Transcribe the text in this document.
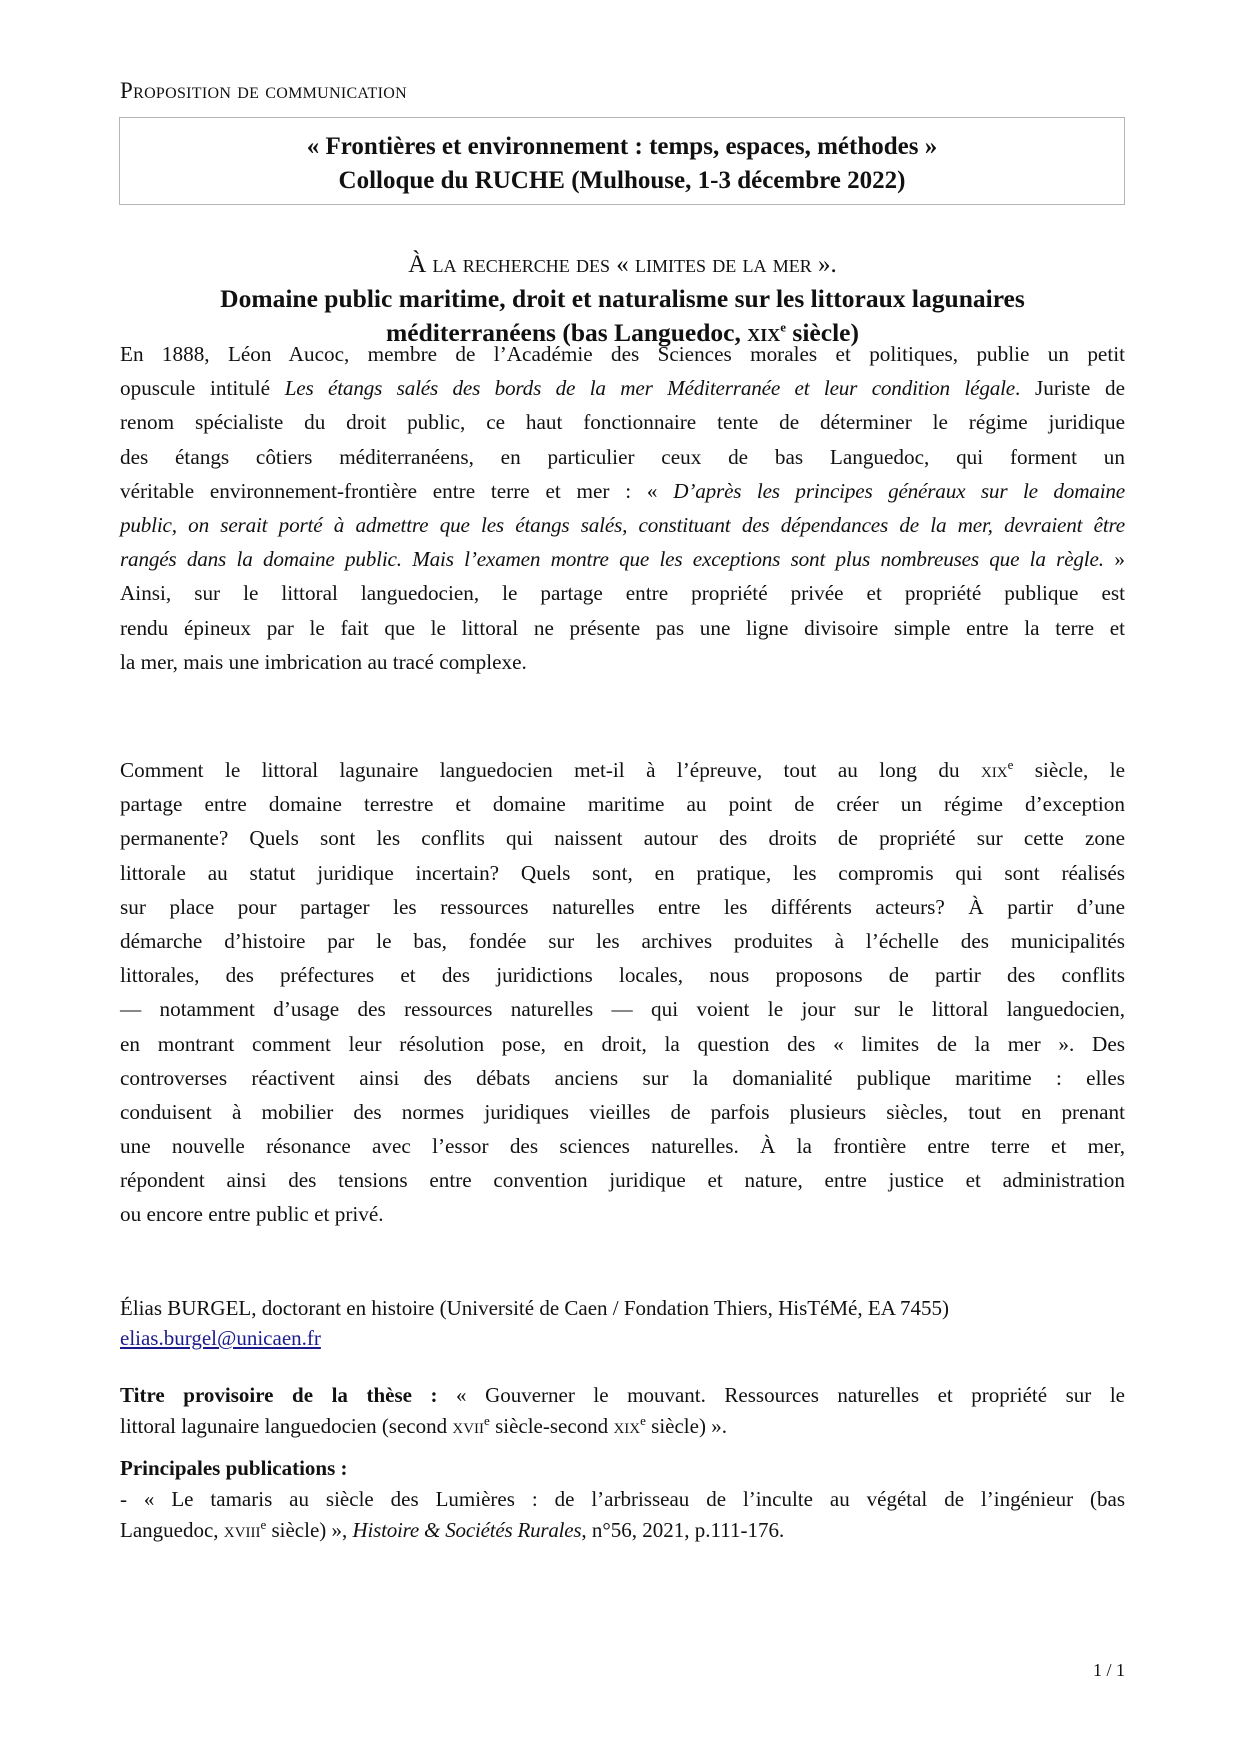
Proposition de communication
« Frontières et environnement : temps, espaces, méthodes »
Colloque du RUCHE (Mulhouse, 1-3 décembre 2022)
À la recherche des « limites de la mer ».
Domaine public maritime, droit et naturalisme sur les littoraux lagunaires
méditerranéens (bas Languedoc, xix$^e$ siècle)
En 1888, Léon Aucoc, membre de l’Académie des Sciences morales et politiques, publie un petit
opuscule intitulé Les étangs salés des bords de la mer Méditerranée et leur condition légale. Juriste de
renom spécialiste du droit public, ce haut fonctionnaire tente de déterminer le régime juridique
des étangs côtiers méditerranéens, en particulier ceux de bas Languedoc, qui forment un
véritable environnement-frontière entre terre et mer : « D’après les principes généraux sur le domaine
public, on serait porté à admettre que les étangs salés, constituant des dépendances de la mer, devraient être
rangés dans la domaine public. Mais l’examen montre que les exceptions sont plus nombreuses que la règle. »
Ainsi, sur le littoral languedocien, le partage entre propriété privée et propriété publique est
rendu épineux par le fait que le littoral ne présente pas une ligne divisoire simple entre la terre et
la mer, mais une imbrication au tracé complexe.
Comment le littoral lagunaire languedocien met-il à l’épreuve, tout au long du xix$^e$ siècle, le
partage entre domaine terrestre et domaine maritime au point de créer un régime d’exception
permanente? Quels sont les conflits qui naissent autour des droits de propriété sur cette zone
littorale au statut juridique incertain? Quels sont, en pratique, les compromis qui sont réalisés
sur place pour partager les ressources naturelles entre les différents acteurs? À partir d’une
démarche d’histoire par le bas, fondée sur les archives produites à l’échelle des municipalités
littorales, des préfectures et des juridictions locales, nous proposons de partir des conflits
— notamment d’usage des ressources naturelles — qui voient le jour sur le littoral languedocien,
en montrant comment leur résolution pose, en droit, la question des « limites de la mer ». Des
controverses réactivent ainsi des débats anciens sur la domanialité publique maritime : elles
conduisent à mobilier des normes juridiques vieilles de parfois plusieurs siècles, tout en prenant
une nouvelle résonance avec l’essor des sciences naturelles. À la frontière entre terre et mer,
répondent ainsi des tensions entre convention juridique et nature, entre justice et administration
ou encore entre public et privé.
Élias BURGEL, doctorant en histoire (Université de Caen / Fondation Thiers, HisTéMé, EA 7455)
elias.burgel@unicaen.fr
Titre provisoire de la thèse : « Gouverner le mouvant. Ressources naturelles et propriété sur le
littoral lagunaire languedocien (second xvii$^e$ siècle-second xix$^e$ siècle) ».
Principales publications :
- « Le tamaris au siècle des Lumières : de l’arbrisseau de l’inculte au végétal de l’ingénieur (bas
Languedoc, xviii$^e$ siècle) », Histoire & Sociétés Rurales, n°56, 2021, p.111-176.
1 / 1
